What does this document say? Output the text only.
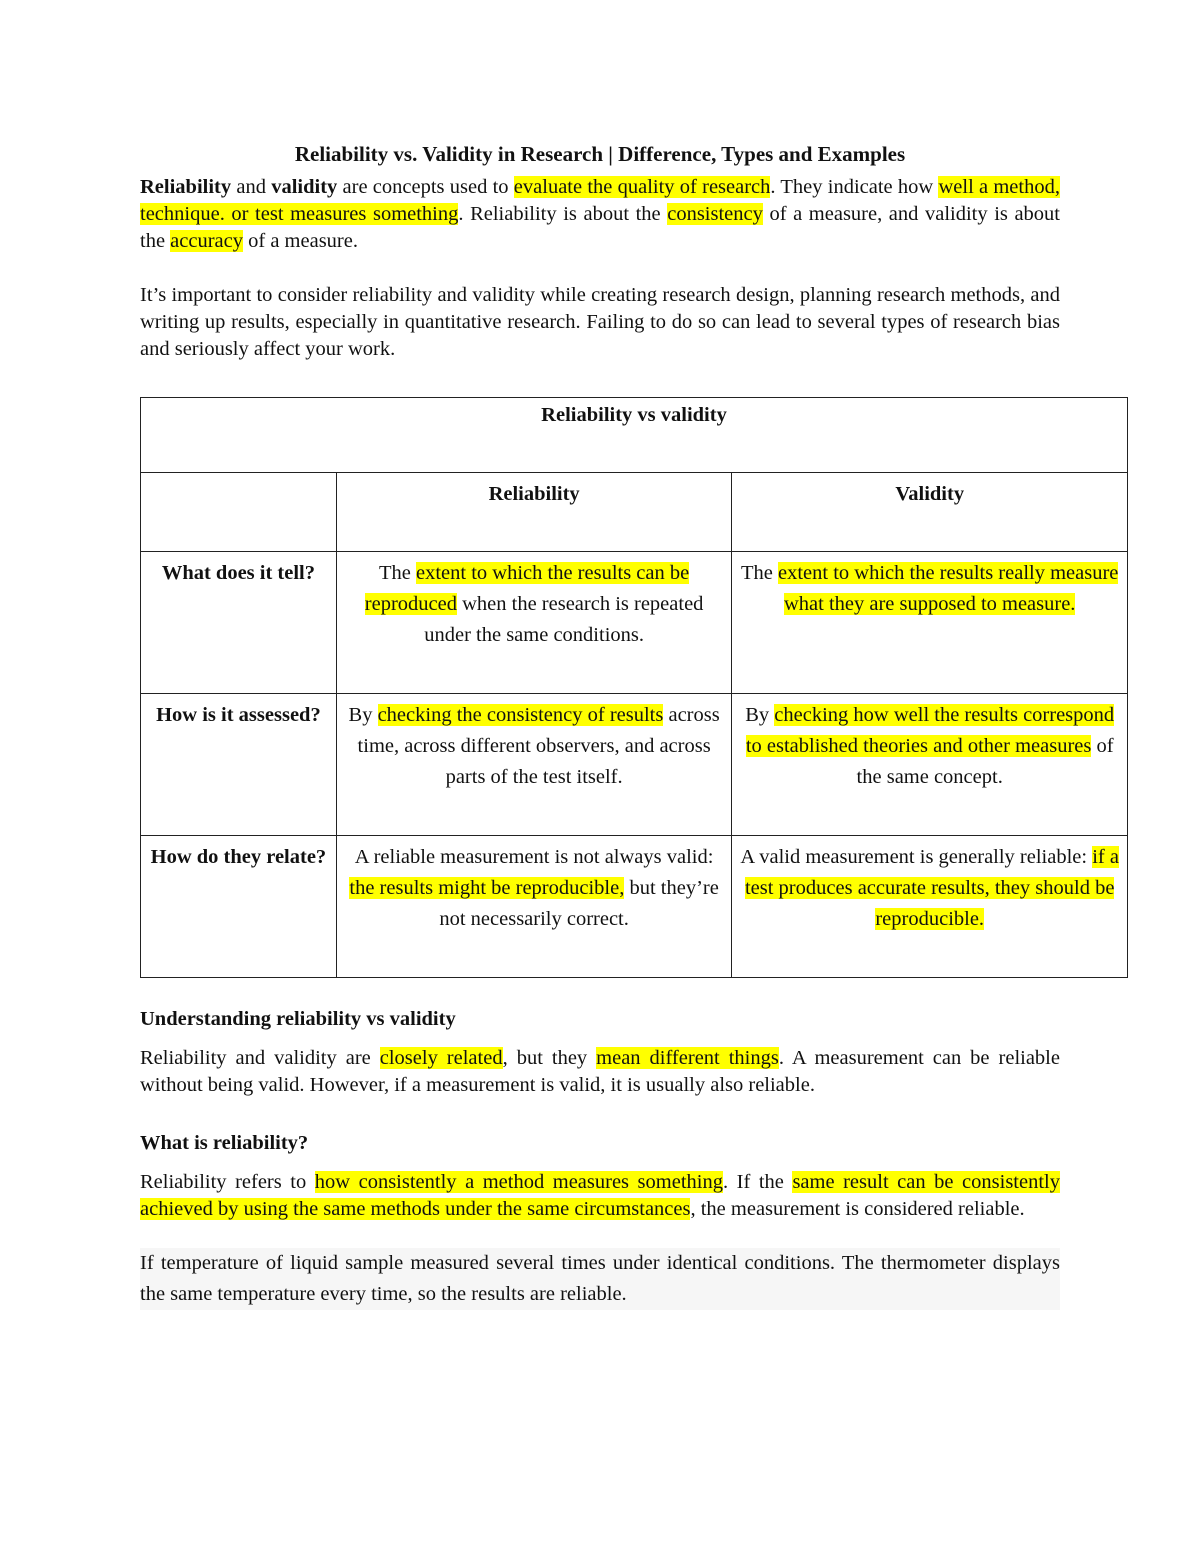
Reliability vs. Validity in Research | Difference, Types and Examples

Reliability and validity are concepts used to evaluate the quality of research. They indicate how well a method, technique. or test measures something. Reliability is about the consistency of a measure, and validity is about the accuracy of a measure.

It’s important to consider reliability and validity while creating research design, planning research methods, and writing up results, especially in quantitative research. Failing to do so can lead to several types of research bias and seriously affect your work.

Reliability vs validity		
	Reliability	Validity
What does it tell?	The extent to which the results can be reproduced when the research is repeated under the same conditions.	The extent to which the results really measure what they are supposed to measure.
How is it assessed?	By checking the consistency of results across time, across different observers, and across parts of the test itself.	By checking how well the results correspond to established theories and other measures of the same concept.
How do they relate?	A reliable measurement is not always valid: the results might be reproducible, but they’re not necessarily correct.	A valid measurement is generally reliable: if a test produces accurate results, they should be reproducible.

Understanding reliability vs validity

Reliability and validity are closely related, but they mean different things. A measurement can be reliable without being valid. However, if a measurement is valid, it is usually also reliable.

What is reliability?

Reliability refers to how consistently a method measures something. If the same result can be consistently achieved by using the same methods under the same circumstances, the measurement is considered reliable.

If temperature of liquid sample measured several times under identical conditions. The thermometer displays the same temperature every time, so the results are reliable.
